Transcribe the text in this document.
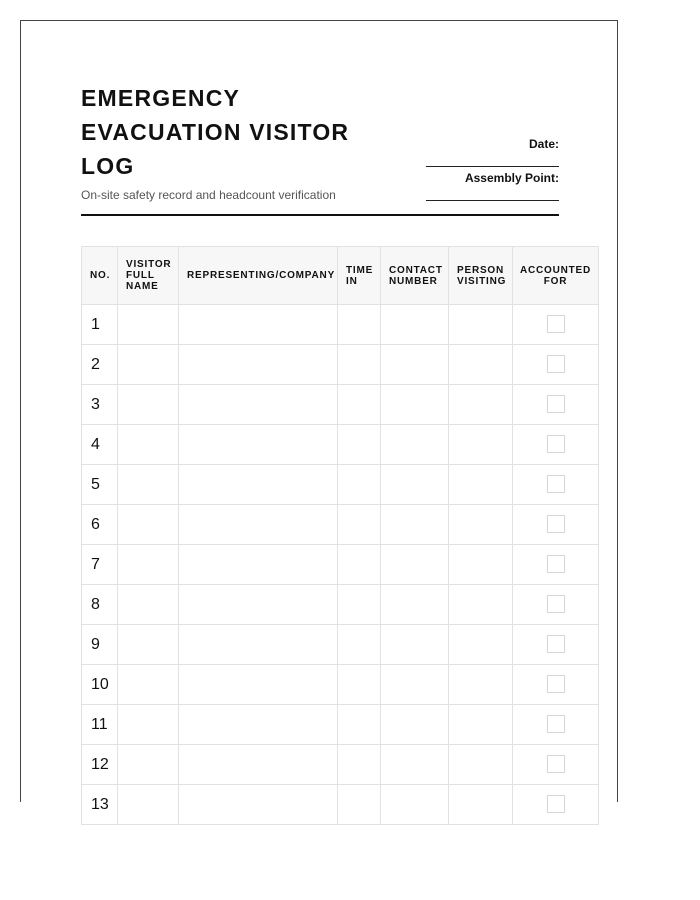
EMERGENCY EVACUATION VISITOR LOG

On-site safety record and headcount verification

Date:
Assembly Point:
NO.	VISITOR FULL NAME	REPRESENTING/COMPANY	TIME IN	CONTACT NUMBER	PERSON VISITING	ACCOUNTED FOR
1						
2						
3						
4						
5						
6						
7						
8						
9						
10						
11						
12						
13						
